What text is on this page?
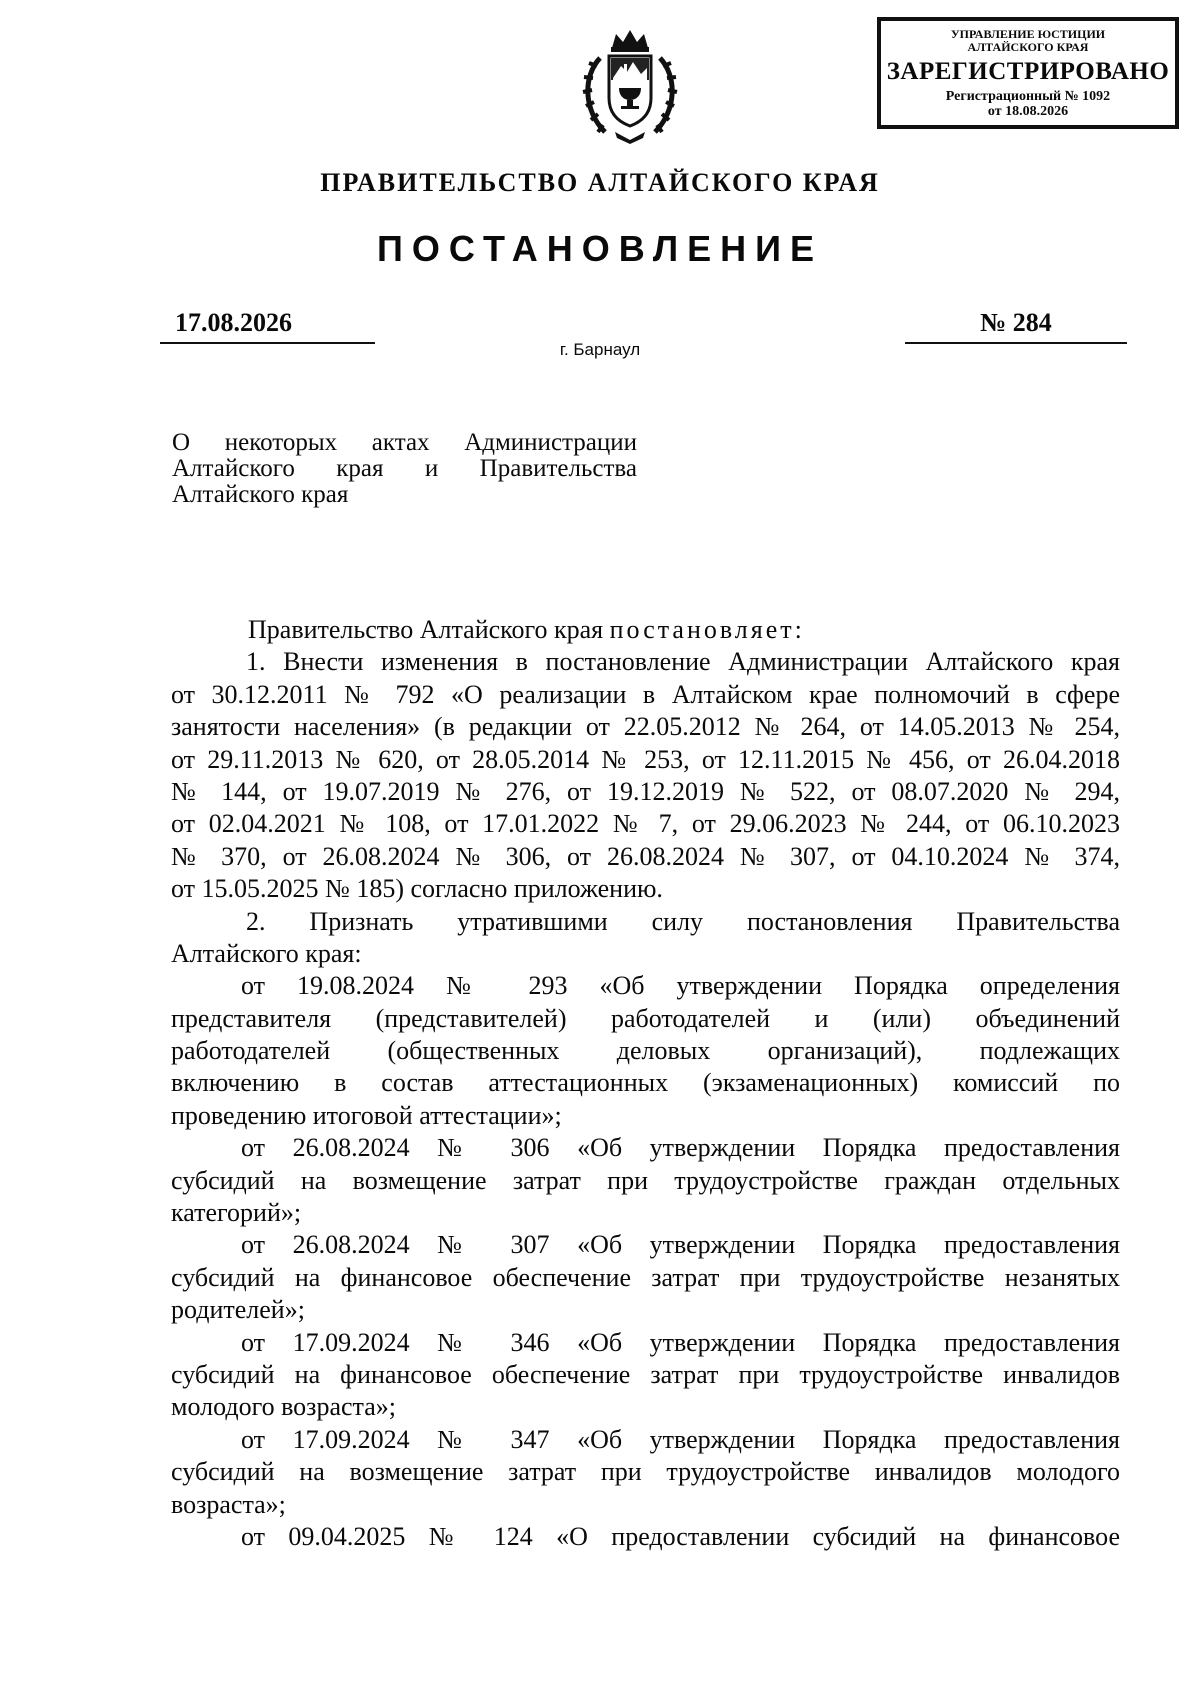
УПРАВЛЕНИЕ ЮСТИЦИИ
АЛТАЙСКОГО КРАЯ
ЗАРЕГИСТРИРОВАНО
Регистрационный № 1092
от 18.08.2026
ПРАВИТЕЛЬСТВО АЛТАЙСКОГО КРАЯ
ПОСТАНОВЛЕНИЕ
17.08.2026	№ 284
г. Барнаул
О некоторых актах Администрации
Алтайского края и Правительства
Алтайского края
Правительство Алтайского края постановляет:
1. Внести изменения в постановление Администрации Алтайского края
от 30.12.2011 № 792 «О реализации в Алтайском крае полномочий в сфере
занятости населения» (в редакции от 22.05.2012 № 264, от 14.05.2013 № 254,
от 29.11.2013 № 620, от 28.05.2014 № 253, от 12.11.2015 № 456, от 26.04.2018
№ 144, от 19.07.2019 № 276, от 19.12.2019 № 522, от 08.07.2020 № 294,
от 02.04.2021 № 108, от 17.01.2022 № 7, от 29.06.2023 № 244, от 06.10.2023
№ 370, от 26.08.2024 № 306, от 26.08.2024 № 307, от 04.10.2024 № 374,
от 15.05.2025 № 185) согласно приложению.
2. Признать утратившими силу постановления Правительства
Алтайского края:
от 19.08.2024 № 293 «Об утверждении Порядка определения
представителя (представителей) работодателей и (или) объединений
работодателей (общественных деловых организаций), подлежащих
включению в состав аттестационных (экзаменационных) комиссий по
проведению итоговой аттестации»;
от 26.08.2024 № 306 «Об утверждении Порядка предоставления
субсидий на возмещение затрат при трудоустройстве граждан отдельных
категорий»;
от 26.08.2024 № 307 «Об утверждении Порядка предоставления
субсидий на финансовое обеспечение затрат при трудоустройстве незанятых
родителей»;
от 17.09.2024 № 346 «Об утверждении Порядка предоставления
субсидий на финансовое обеспечение затрат при трудоустройстве инвалидов
молодого возраста»;
от 17.09.2024 № 347 «Об утверждении Порядка предоставления
субсидий на возмещение затрат при трудоустройстве инвалидов молодого
возраста»;
от 09.04.2025 № 124 «О предоставлении субсидий на финансовое
